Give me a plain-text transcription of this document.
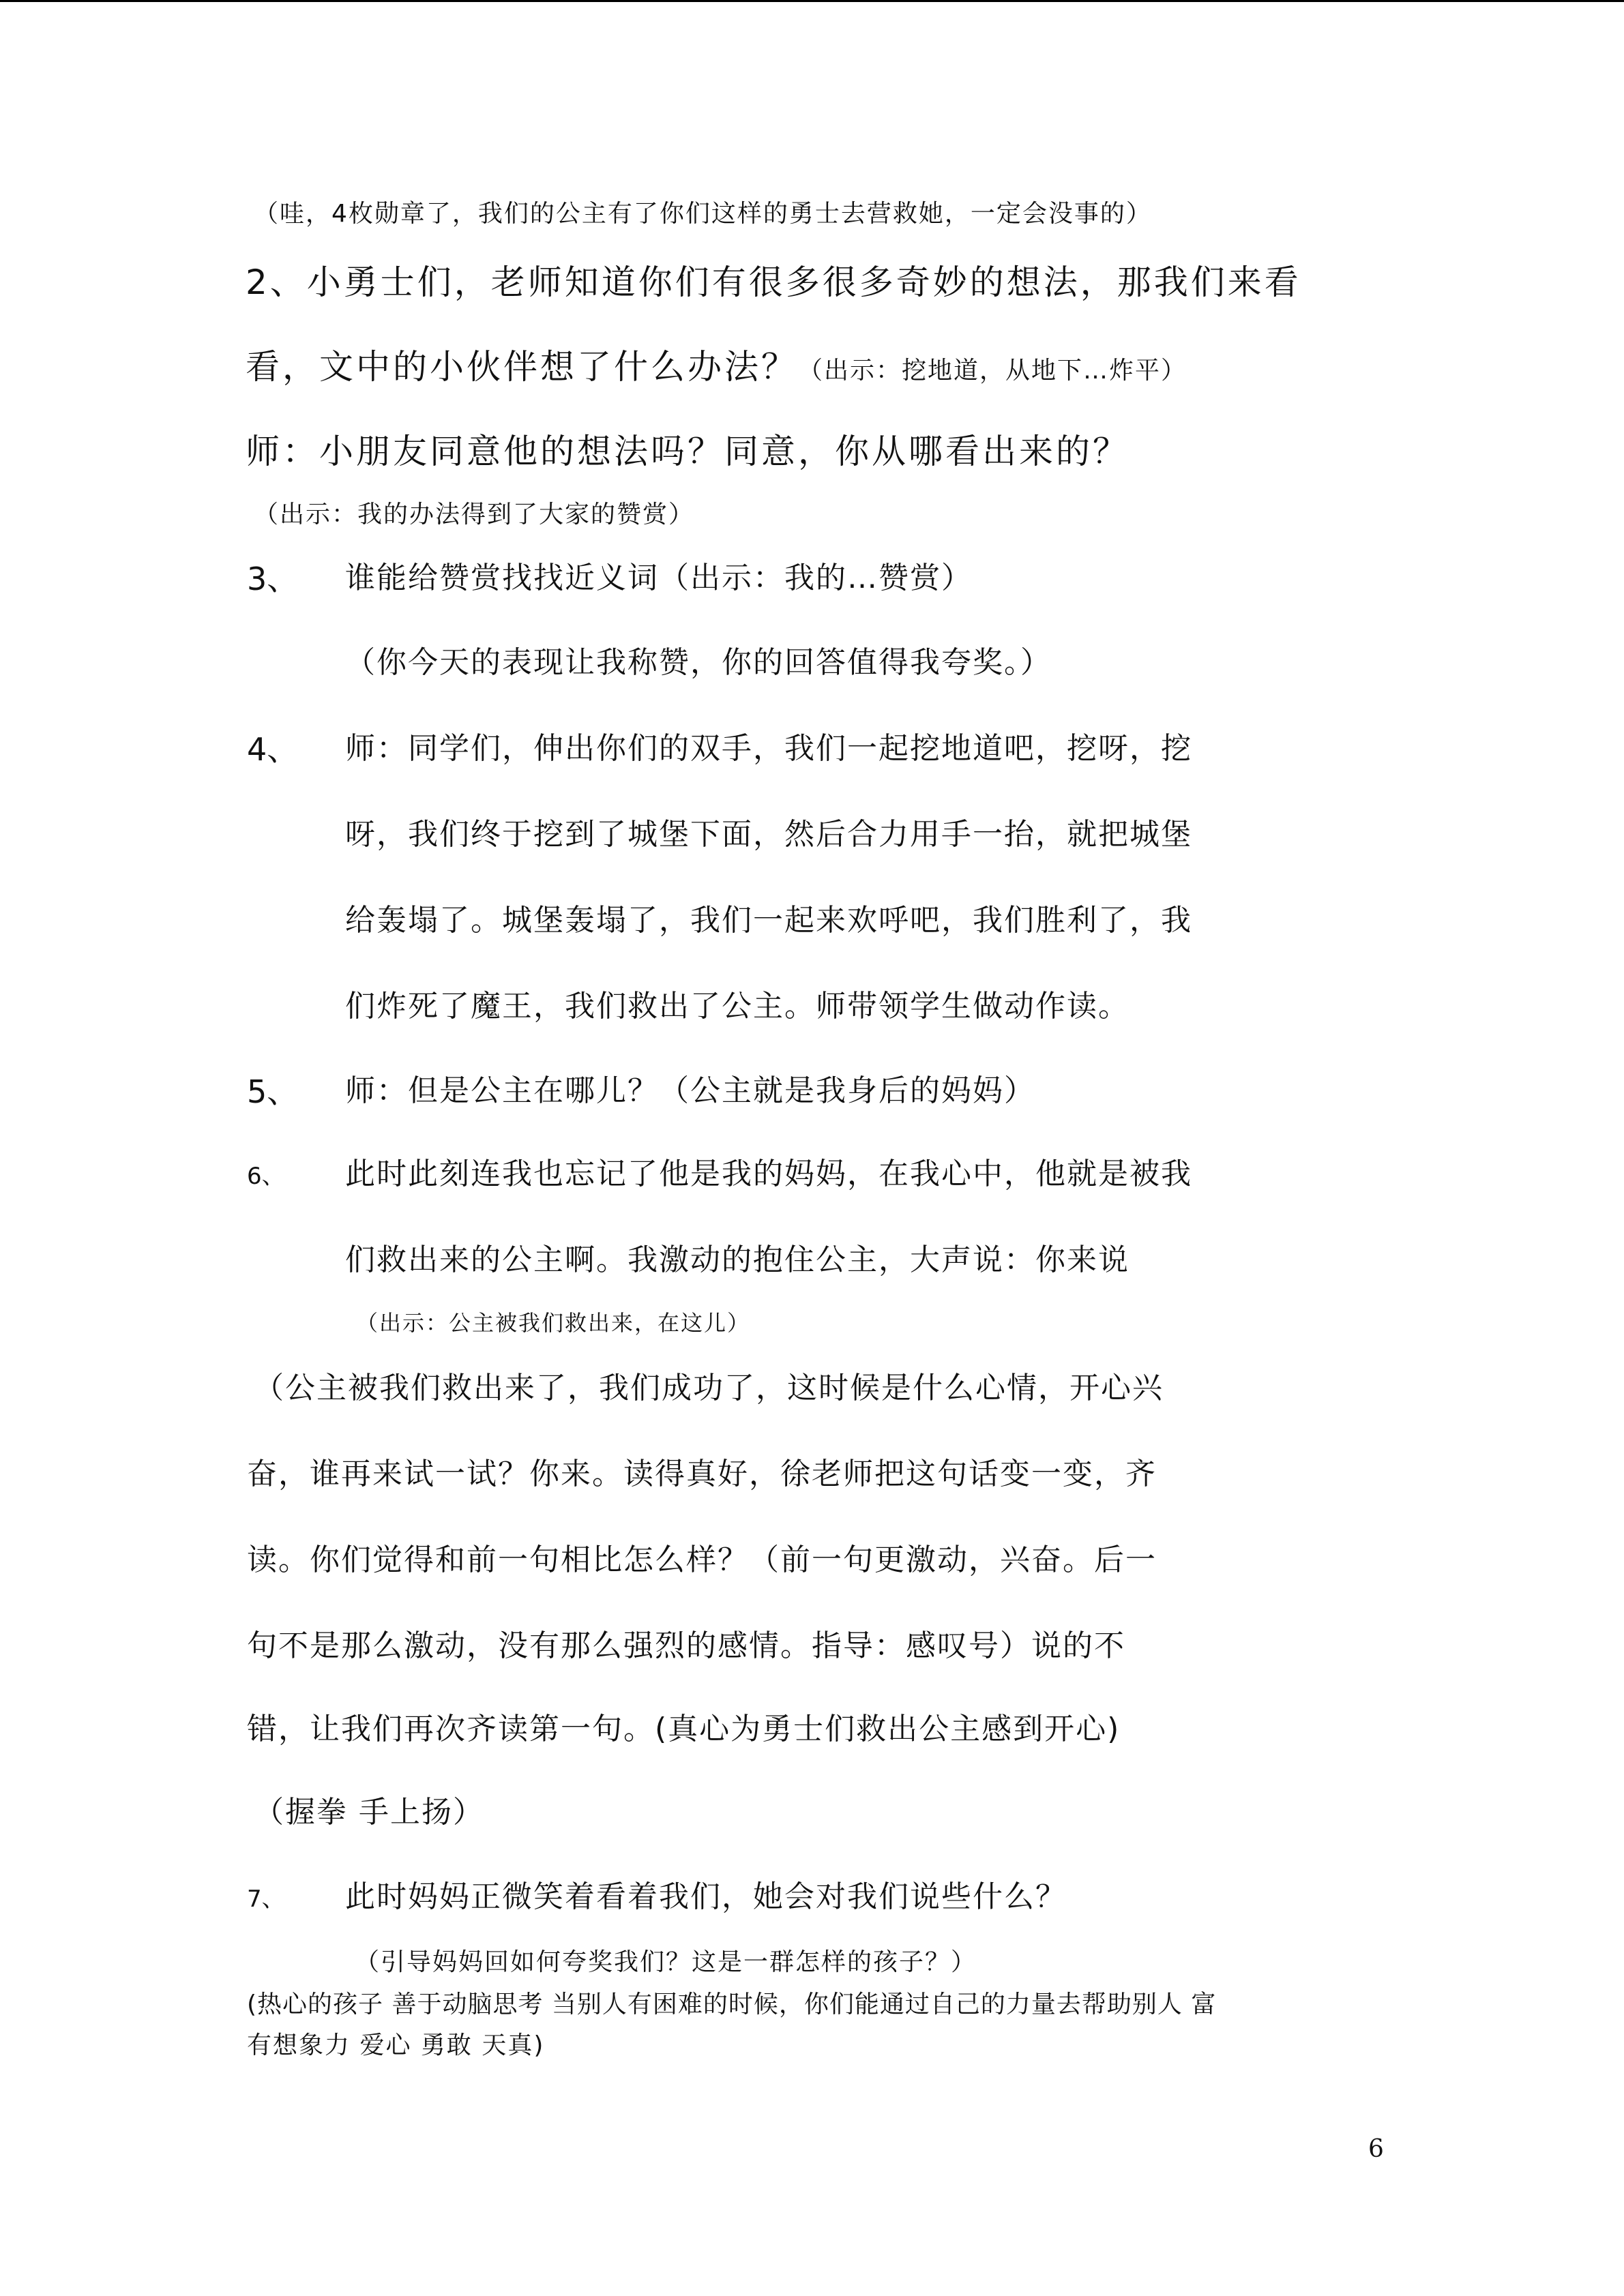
（哇，4枚勋章了，我们的公主有了你们这样的勇士去营救她，一定会没事的）
2、小勇士们，老师知道你们有很多很多奇妙的想法，那我们来看
看，文中的小伙伴想了什么办法？（出示：挖地道，从地下…炸平）
师：小朋友同意他的想法吗？同意，你从哪看出来的？
（出示：我的办法得到了大家的赞赏）
3、 谁能给赞赏找找近义词（出示：我的…赞赏）
（你今天的表现让我称赞，你的回答值得我夸奖。）
4、 师：同学们，伸出你们的双手，我们一起挖地道吧，挖呀，挖
呀，我们终于挖到了城堡下面，然后合力用手一抬，就把城堡
给轰塌了。城堡轰塌了，我们一起来欢呼吧，我们胜利了，我
们炸死了魔王，我们救出了公主。师带领学生做动作读。
5、 师：但是公主在哪儿？（公主就是我身后的妈妈）
6、 此时此刻连我也忘记了他是我的妈妈，在我心中，他就是被我
们救出来的公主啊。我激动的抱住公主，大声说：你来说
（出示：公主被我们救出来，在这儿）
（公主被我们救出来了，我们成功了，这时候是什么心情，开心兴
奋，谁再来试一试？你来。读得真好，徐老师把这句话变一变，齐
读。你们觉得和前一句相比怎么样？（前一句更激动，兴奋。后一
句不是那么激动，没有那么强烈的感情。指导：感叹号）说的不
错，让我们再次齐读第一句。(真心为勇士们救出公主感到开心)
（握拳 手上扬）
7、 此时妈妈正微笑着看着我们，她会对我们说些什么？
（引导妈妈回如何夸奖我们？这是一群怎样的孩子？）
(热心的孩子 善于动脑思考 当别人有困难的时候，你们能通过自己的力量去帮助别人 富
有想象力 爱心 勇敢 天真)
6
